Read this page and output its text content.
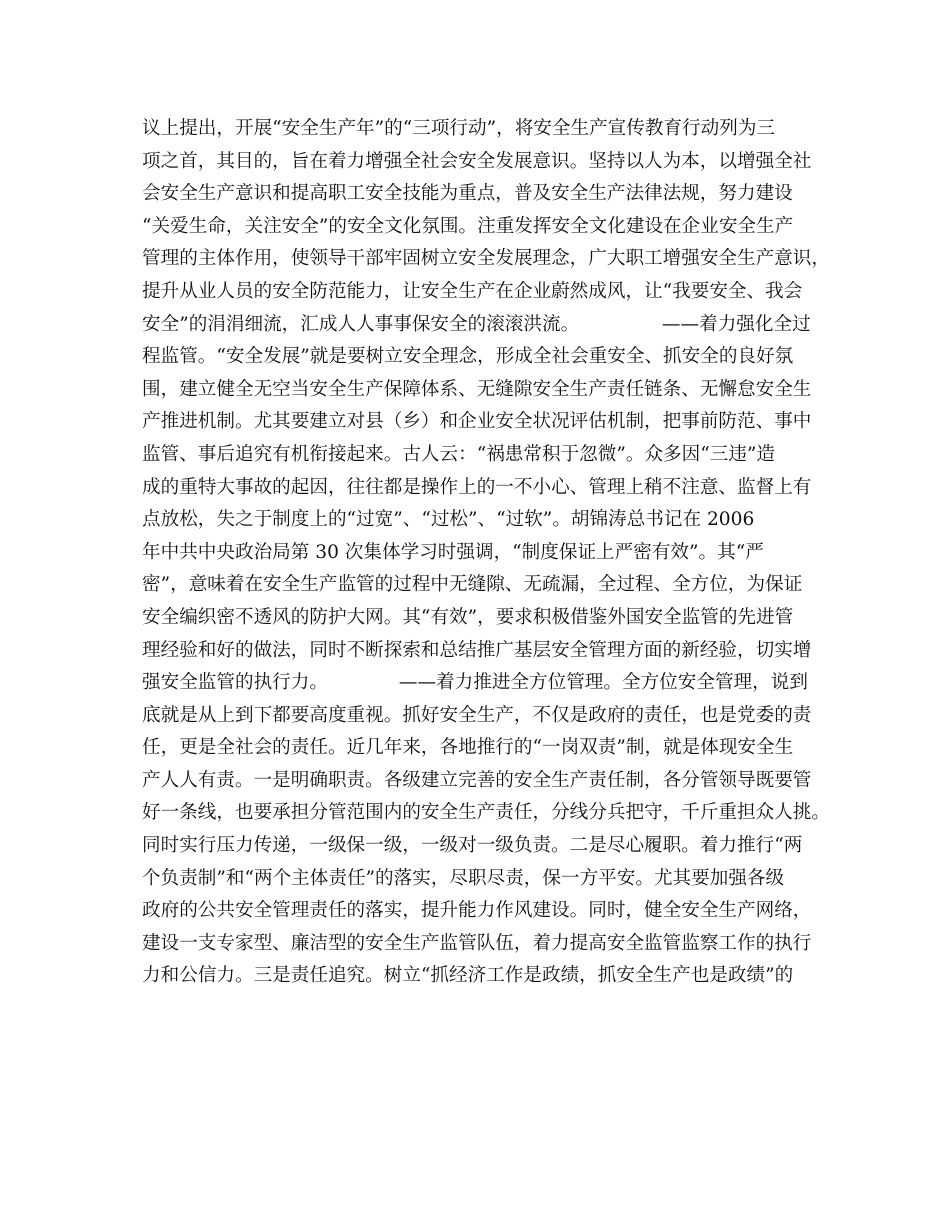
议上提出，开展“安全生产年”的“三项行动”，将安全生产宣传教育行动列为三
项之首，其目的，旨在着力增强全社会安全发展意识。坚持以人为本，以增强全社
会安全生产意识和提高职工安全技能为重点，普及安全生产法律法规，努力建设
“关爱生命，关注安全”的安全文化氛围。注重发挥安全文化建设在企业安全生产
管理的主体作用，使领导干部牢固树立安全发展理念，广大职工增强安全生产意识，
提升从业人员的安全防范能力，让安全生产在企业蔚然成风，让“我要安全、我会
安全”的涓涓细流，汇成人人事事保安全的滚滚洪流。              ——着力强化全过
程监管。“安全发展”就是要树立安全理念，形成全社会重安全、抓安全的良好氛
围，建立健全无空当安全生产保障体系、无缝隙安全生产责任链条、无懈怠安全生
产推进机制。尤其要建立对县（乡）和企业安全状况评估机制，把事前防范、事中
监管、事后追究有机衔接起来。古人云：“祸患常积于忽微”。众多因“三违”造
成的重特大事故的起因，往往都是操作上的一不小心、管理上稍不注意、监督上有
点放松，失之于制度上的“过宽”、“过松”、“过软”。胡锦涛总书记在 2006
年中共中央政治局第 30 次集体学习时强调，“制度保证上严密有效”。其“严
密”，意味着在安全生产监管的过程中无缝隙、无疏漏，全过程、全方位，为保证
安全编织密不透风的防护大网。其“有效”，要求积极借鉴外国安全监管的先进管
理经验和好的做法，同时不断探索和总结推广基层安全管理方面的新经验，切实增
强安全监管的执行力。            ——着力推进全方位管理。全方位安全管理，说到
底就是从上到下都要高度重视。抓好安全生产，不仅是政府的责任，也是党委的责
任，更是全社会的责任。近几年来，各地推行的“一岗双责”制，就是体现安全生
产人人有责。一是明确职责。各级建立完善的安全生产责任制，各分管领导既要管
好一条线，也要承担分管范围内的安全生产责任，分线分兵把守，千斤重担众人挑。
同时实行压力传递，一级保一级，一级对一级负责。二是尽心履职。着力推行“两
个负责制”和“两个主体责任”的落实，尽职尽责，保一方平安。尤其要加强各级
政府的公共安全管理责任的落实，提升能力作风建设。同时，健全安全生产网络，
建设一支专家型、廉洁型的安全生产监管队伍，着力提高安全监管监察工作的执行
力和公信力。三是责任追究。树立“抓经济工作是政绩，抓安全生产也是政绩”的
